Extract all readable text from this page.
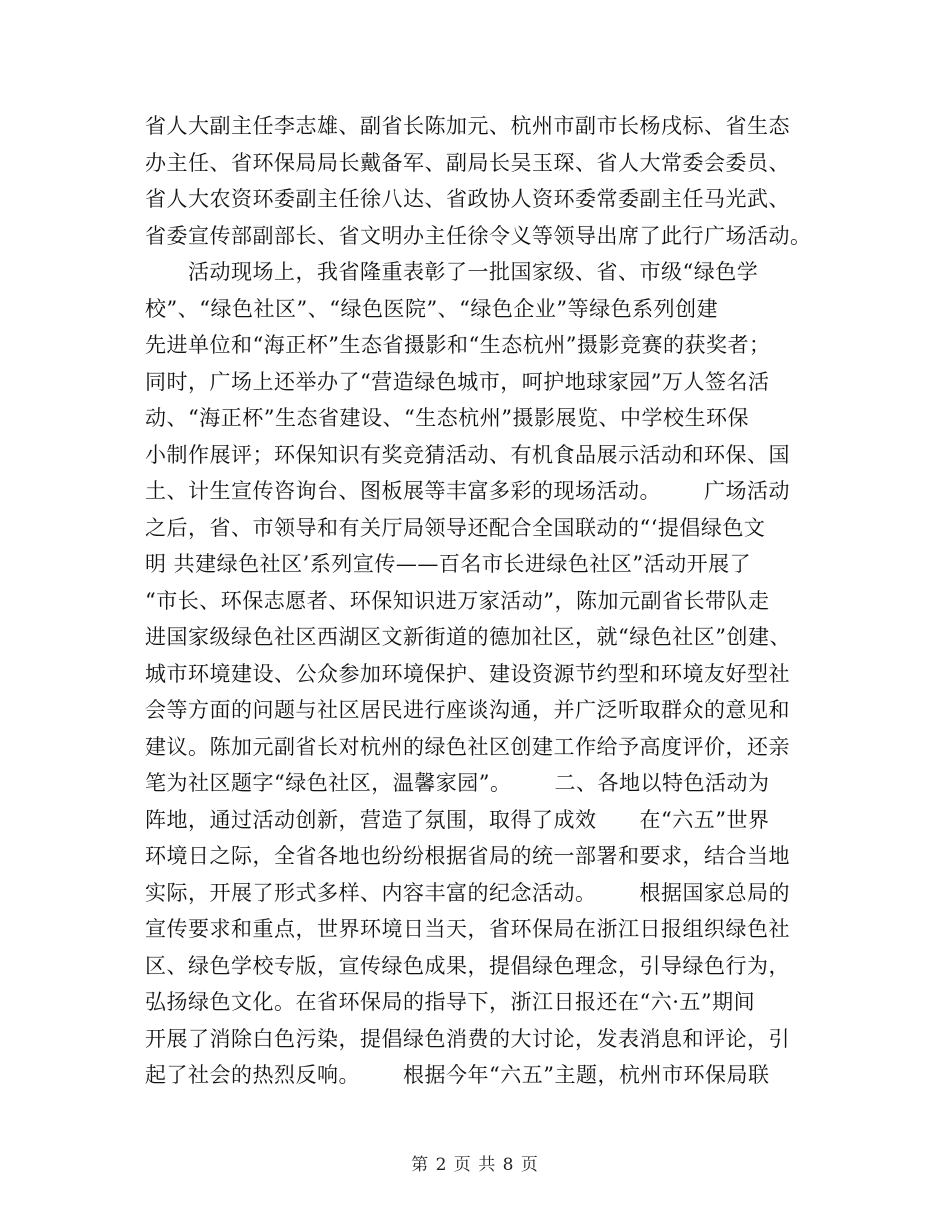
省人大副主任李志雄、副省长陈加元、杭州市副市长杨戌标、省生态
办主任、省环保局局长戴备军、副局长吴玉琛、省人大常委会委员、
省人大农资环委副主任徐八达、省政协人资环委常委副主任马光武、
省委宣传部副部长、省文明办主任徐令义等领导出席了此行广场活动。
活动现场上，我省隆重表彰了一批国家级、省、市级“绿色学
校”、“绿色社区”、“绿色医院”、“绿色企业”等绿色系列创建
先进单位和“海正杯”生态省摄影和“生态杭州”摄影竞赛的获奖者；
同时，广场上还举办了“营造绿色城市，呵护地球家园”万人签名活
动、“海正杯”生态省建设、“生态杭州”摄影展览、中学校生环保
小制作展评；环保知识有奖竞猜活动、有机食品展示活动和环保、国
土、计生宣传咨询台、图板展等丰富多彩的现场活动。      广场活动
之后，省、市领导和有关厅局领导还配合全国联动的“‘提倡绿色文
明 共建绿色社区’系列宣传——百名市长进绿色社区”活动开展了
“市长、环保志愿者、环保知识进万家活动”，陈加元副省长带队走
进国家级绿色社区西湖区文新街道的德加社区，就“绿色社区”创建、
城市环境建设、公众参加环境保护、建设资源节约型和环境友好型社
会等方面的问题与社区居民进行座谈沟通，并广泛听取群众的意见和
建议。陈加元副省长对杭州的绿色社区创建工作给予高度评价，还亲
笔为社区题字“绿色社区，温馨家园”。      二、各地以特色活动为
阵地，通过活动创新，营造了氛围，取得了成效      在“六五”世界
环境日之际，全省各地也纷纷根据省局的统一部署和要求，结合当地
实际，开展了形式多样、内容丰富的纪念活动。      根据国家总局的
宣传要求和重点，世界环境日当天，省环保局在浙江日报组织绿色社
区、绿色学校专版，宣传绿色成果，提倡绿色理念，引导绿色行为，
弘扬绿色文化。在省环保局的指导下，浙江日报还在“六·五”期间
开展了消除白色污染，提倡绿色消费的大讨论，发表消息和评论，引
起了社会的热烈反响。      根据今年“六五”主题，杭州市环保局联
第 2 页 共 8 页
